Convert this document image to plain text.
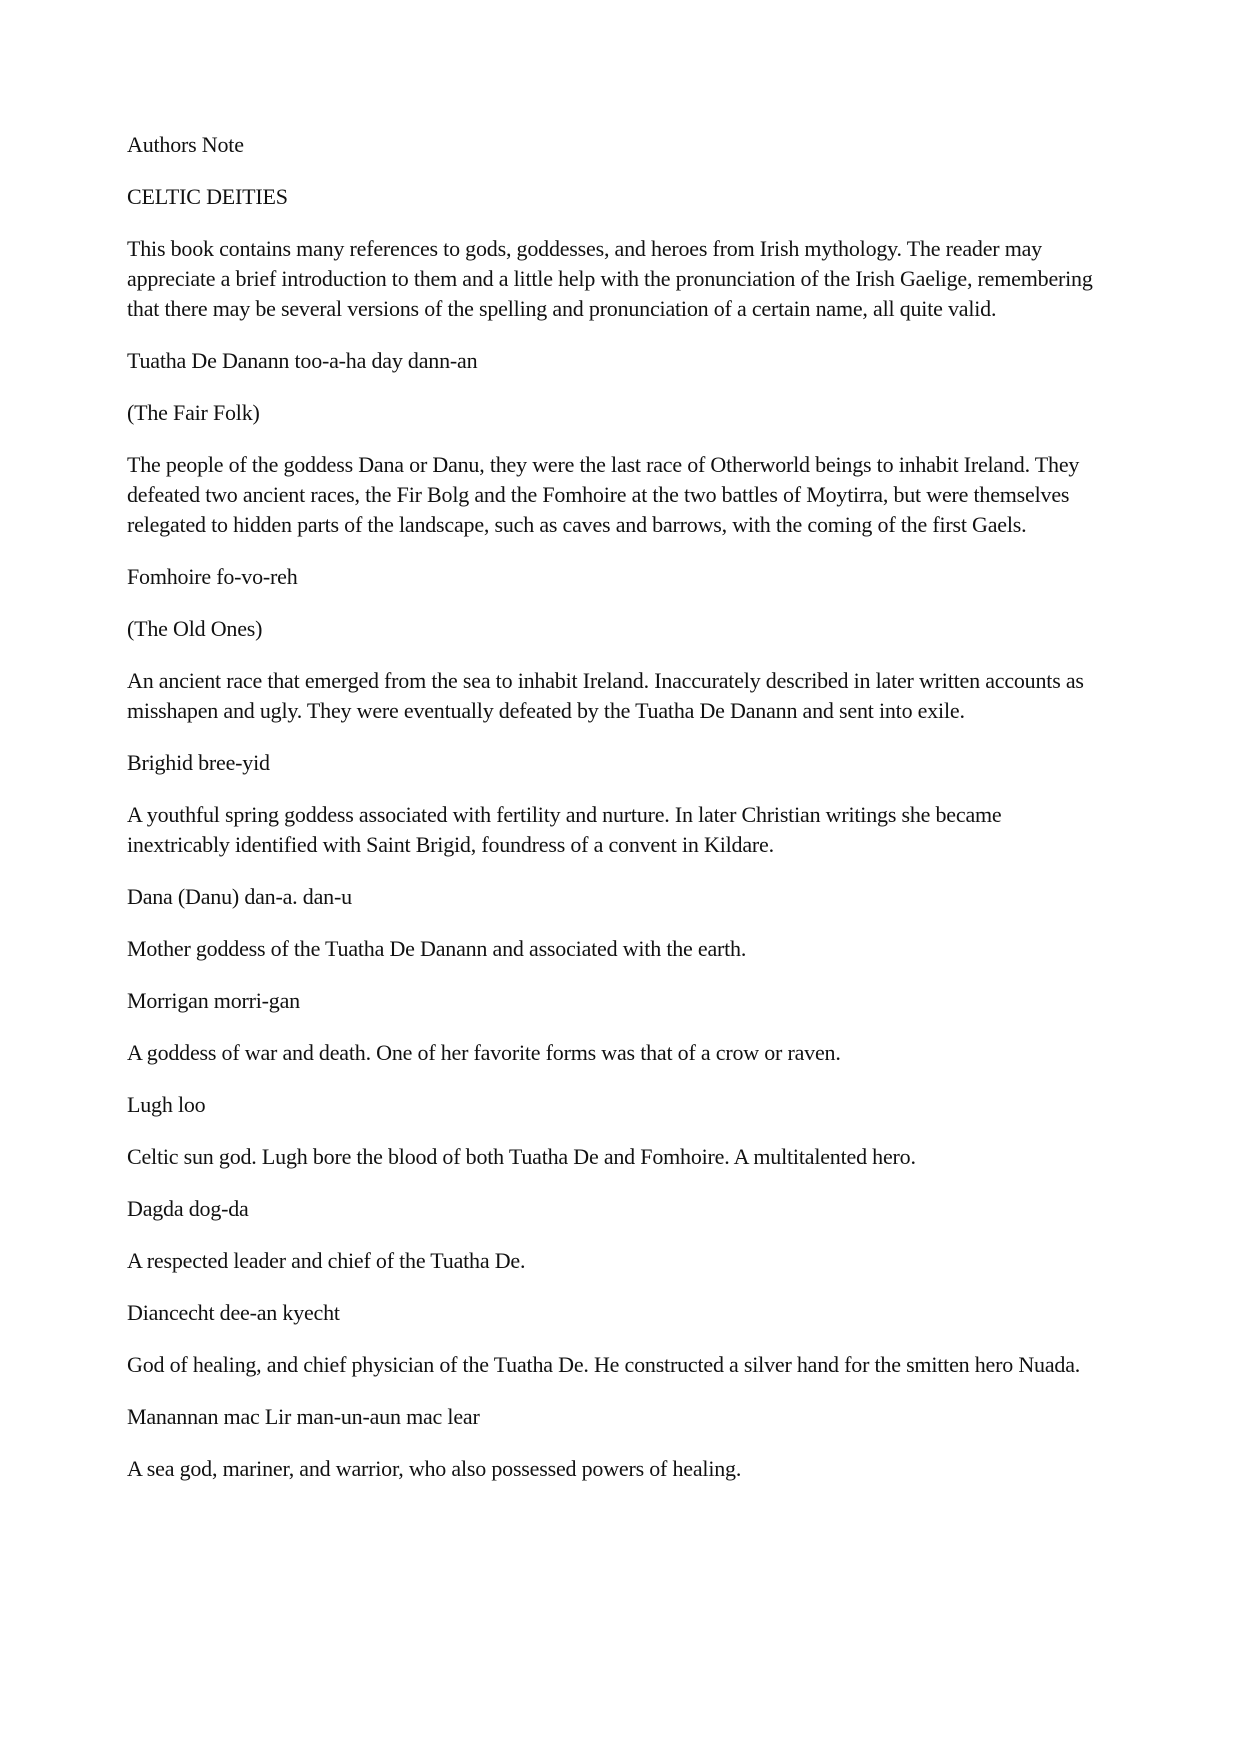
Authors Note

CELTIC DEITIES

This book contains many references to gods, goddesses, and heroes from Irish mythology. The reader may appreciate a brief introduction to them and a little help with the pronunciation of the Irish Gaelige, remembering that there may be several versions of the spelling and pronunciation of a certain name, all quite valid.

Tuatha De Danann too-a-ha day dann-an

(The Fair Folk)

The people of the goddess Dana or Danu, they were the last race of Otherworld beings to inhabit Ireland. They defeated two ancient races, the Fir Bolg and the Fomhoire at the two battles of Moytirra, but were themselves relegated to hidden parts of the landscape, such as caves and barrows, with the coming of the first Gaels.

Fomhoire fo-vo-reh

(The Old Ones)

An ancient race that emerged from the sea to inhabit Ireland. Inaccurately described in later written accounts as misshapen and ugly. They were eventually defeated by the Tuatha De Danann and sent into exile.

Brighid bree-yid

A youthful spring goddess associated with fertility and nurture. In later Christian writings she became inextricably identified with Saint Brigid, foundress of a convent in Kildare.

Dana (Danu) dan-a. dan-u

Mother goddess of the Tuatha De Danann and associated with the earth.

Morrigan morri-gan

A goddess of war and death. One of her favorite forms was that of a crow or raven.

Lugh loo

Celtic sun god. Lugh bore the blood of both Tuatha De and Fomhoire. A multitalented hero.

Dagda dog-da

A respected leader and chief of the Tuatha De.

Diancecht dee-an kyecht

God of healing, and chief physician of the Tuatha De. He constructed a silver hand for the smitten hero Nuada.

Manannan mac Lir man-un-aun mac lear

A sea god, mariner, and warrior, who also possessed powers of healing.
